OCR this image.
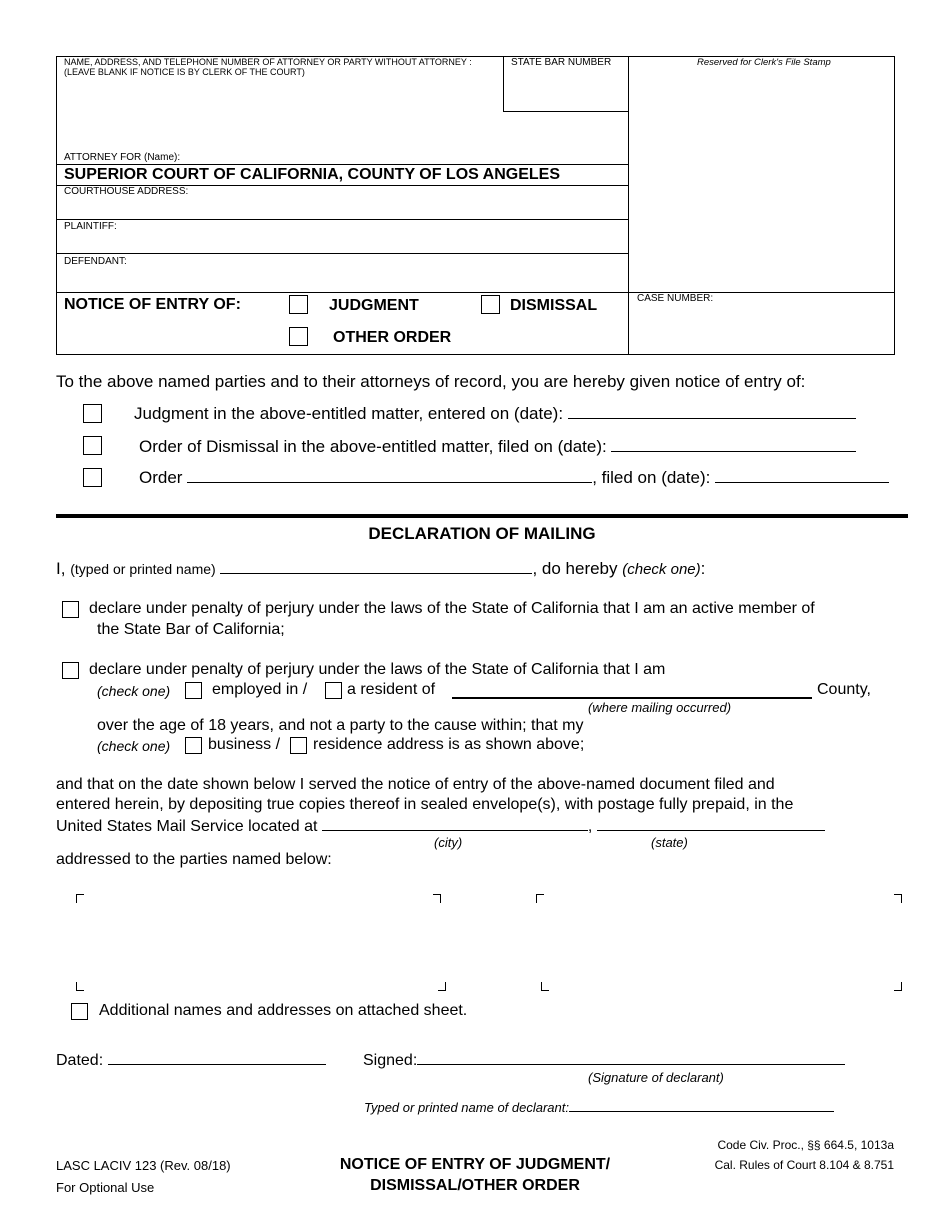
NAME, ADDRESS, AND TELEPHONE NUMBER OF ATTORNEY OR PARTY WITHOUT ATTORNEY :
(LEAVE BLANK IF NOTICE IS BY CLERK OF THE COURT)
STATE BAR NUMBER	Reserved for Clerk's File Stamp
ATTORNEY FOR (Name):
SUPERIOR COURT OF CALIFORNIA, COUNTY OF LOS ANGELES
COURTHOUSE ADDRESS:
PLAINTIFF:
DEFENDANT:
NOTICE OF ENTRY OF:	JUDGMENT	DISMISSAL
OTHER ORDER
CASE NUMBER:
To the above named parties and to their attorneys of record, you are hereby given notice of entry of:
Judgment in the above-entitled matter, entered on (date):
Order of Dismissal in the above-entitled matter, filed on (date):
Order	, filed on (date):
DECLARATION OF MAILING
I, (typed or printed name)	, do hereby (check one):
declare under penalty of perjury under the laws of the State of California that I am an active member of
the State Bar of California;
declare under penalty of perjury under the laws of the State of California that I am
(check one)	employed in / a resident of	County,
(where mailing occurred)
over the age of 18 years, and not a party to the cause within; that my
(check one) business / residence address is as shown above;
and that on the date shown below I served the notice of entry of the above-named document filed and
entered herein, by depositing true copies thereof in sealed envelope(s), with postage fully prepaid, in the
United States Mail Service located at	,
(city)	(state)
addressed to the parties named below:
Additional names and addresses on attached sheet.
Dated:	Signed:
(Signature of declarant)
Typed or printed name of declarant:
LASC LACIV 123 (Rev. 08/18)
For Optional Use
NOTICE OF ENTRY OF JUDGMENT/
DISMISSAL/OTHER ORDER
Code Civ. Proc., §§ 664.5, 1013a
Cal. Rules of Court 8.104 & 8.751
